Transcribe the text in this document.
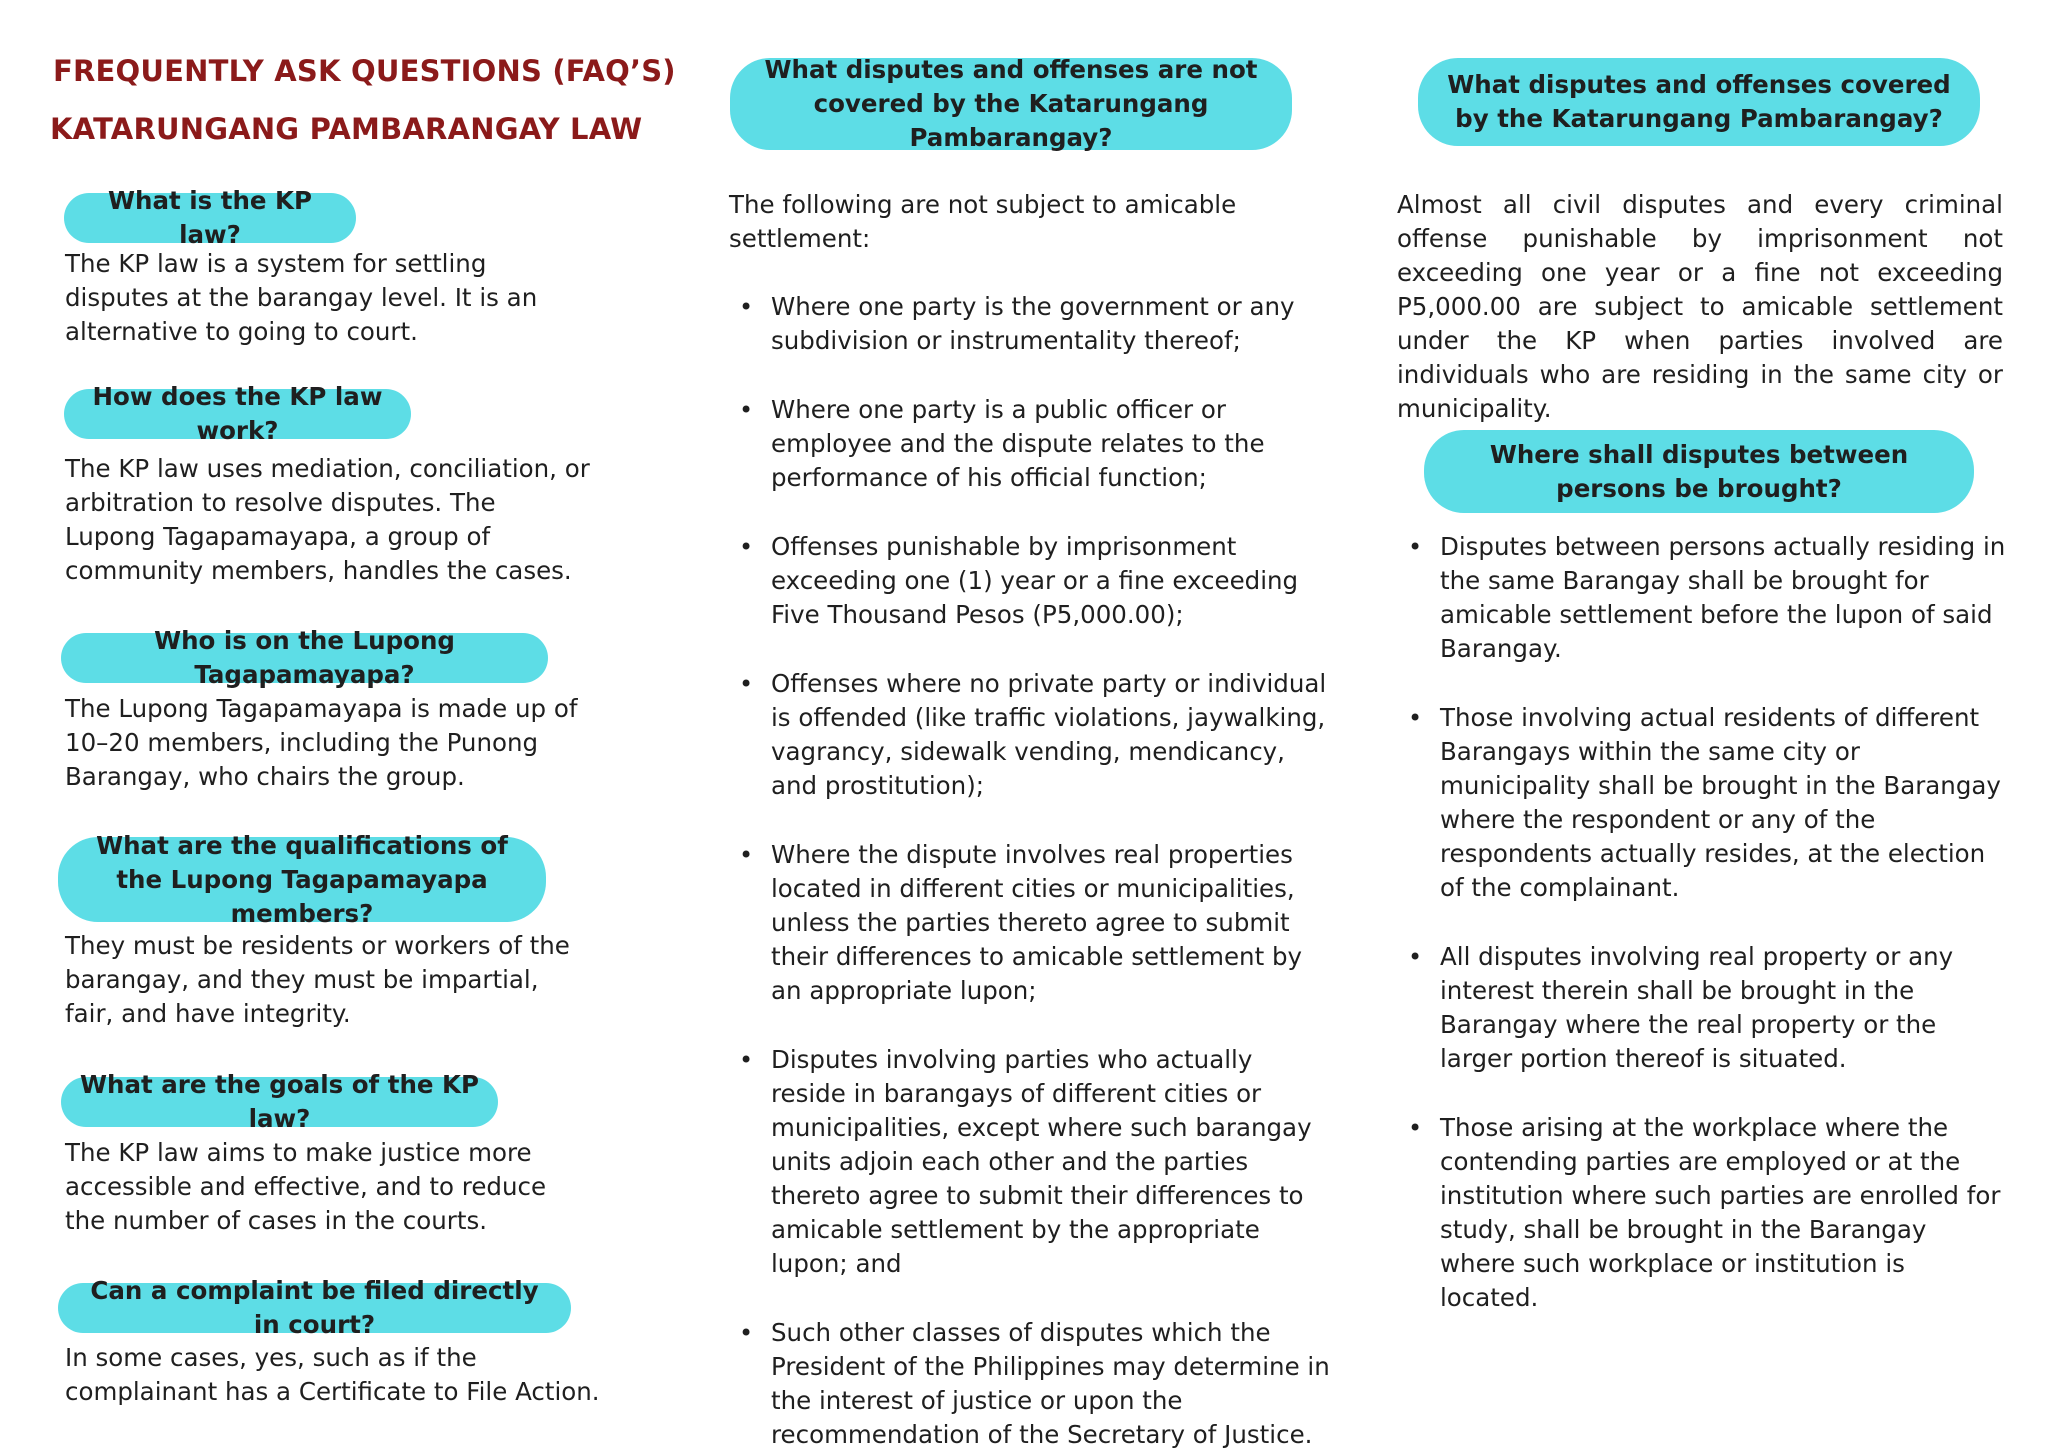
FREQUENTLY ASK QUESTIONS (FAQ’S)
KATARUNGANG PAMBARANGAY LAW
What is the KP law?

The KP law is a system for settling disputes at the barangay level. It is an alternative to going to court.

How does the KP law work?

The KP law uses mediation, conciliation, or arbitration to resolve disputes. The Lupong Tagapamayapa, a group of community members, handles the cases.

Who is on the Lupong Tagapamayapa?

The Lupong Tagapamayapa is made up of 10–20 members, including the Punong Barangay, who chairs the group.

What are the qualifications of the Lupong Tagapamayapa members?

They must be residents or workers of the barangay, and they must be impartial, fair, and have integrity.

What are the goals of the KP law?

The KP law aims to make justice more accessible and effective, and to reduce the number of cases in the courts.

Can a complaint be filed directly in court?

In some cases, yes, such as if the complainant has a Certificate to File Action.

What disputes and offenses are not covered by the Katarungang Pambarangay?

The following are not subject to amicable settlement:

• Where one party is the government or any subdivision or instrumentality thereof;
• Where one party is a public officer or employee and the dispute relates to the performance of his official function;
• Offenses punishable by imprisonment exceeding one (1) year or a fine exceeding Five Thousand Pesos (P5,000.00);
• Offenses where no private party or individual is offended (like traffic violations, jaywalking, vagrancy, sidewalk vending, mendicancy, and prostitution);
• Where the dispute involves real properties located in different cities or municipalities, unless the parties thereto agree to submit their differences to amicable settlement by an appropriate lupon;
• Disputes involving parties who actually reside in barangays of different cities or municipalities, except where such barangay units adjoin each other and the parties thereto agree to submit their differences to amicable settlement by the appropriate lupon; and
• Such other classes of disputes which the President of the Philippines may determine in the interest of justice or upon the recommendation of the Secretary of Justice.
What disputes and offenses covered by the Katarungang Pambarangay?

Almost all civil disputes and every criminal offense punishable by imprisonment not exceeding one year or a fine not exceeding P5,000.00 are subject to amicable settlement under the KP when parties involved are individuals who are residing in the same city or municipality.

Where shall disputes between persons be brought?
• Disputes between persons actually residing in the same Barangay shall be brought for amicable settlement before the lupon of said Barangay.
• Those involving actual residents of different Barangays within the same city or municipality shall be brought in the Barangay where the respondent or any of the respondents actually resides, at the election of the complainant.
• All disputes involving real property or any interest therein shall be brought in the Barangay where the real property or the larger portion thereof is situated.
• Those arising at the workplace where the contending parties are employed or at the institution where such parties are enrolled for study, shall be brought in the Barangay where such workplace or institution is located.
